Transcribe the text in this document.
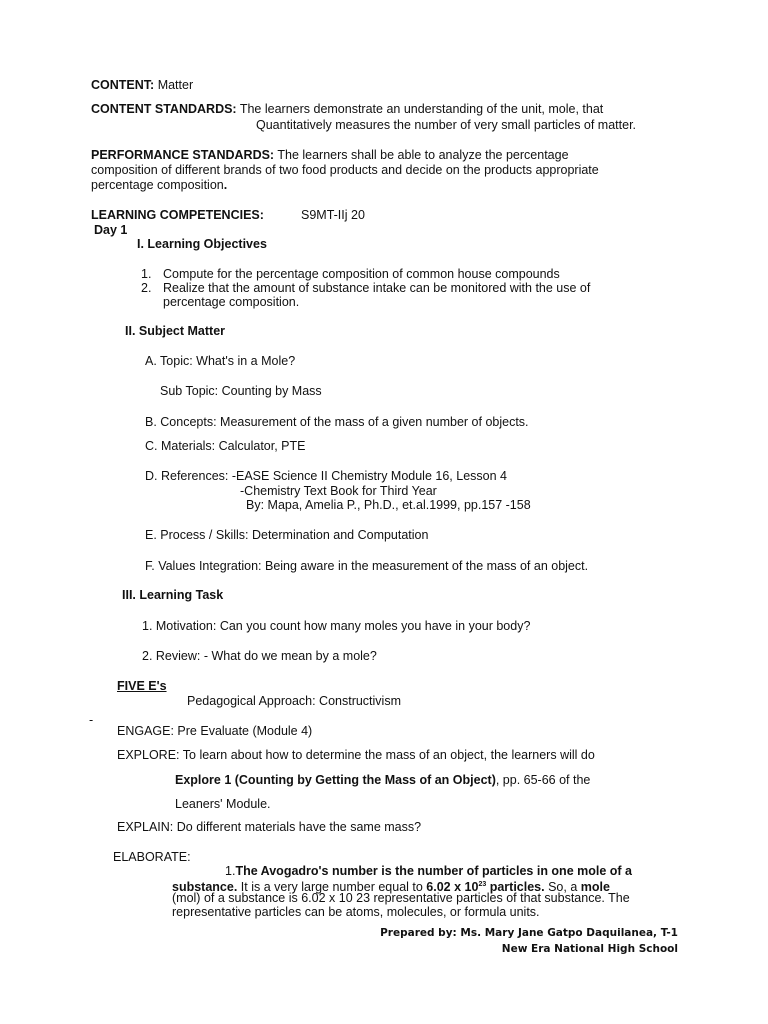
CONTENT: Matter
CONTENT STANDARDS: The learners demonstrate an understanding of the unit, mole, that
Quantitatively measures the number of very small particles of matter.
PERFORMANCE STANDARDS: The learners shall be able to analyze the percentage
composition of different brands of two food products and decide on the products appropriate
percentage composition.
LEARNING COMPETENCIES:	S9MT-IIj 20
Day 1
I. Learning Objectives
1. Compute for the percentage composition of common house compounds
2. Realize that the amount of substance intake can be monitored with the use of
percentage composition.
II. Subject Matter
A. Topic: What's in a Mole?
Sub Topic: Counting by Mass
B. Concepts: Measurement of the mass of a given number of objects.
C. Materials: Calculator, PTE
D. References: -EASE Science II Chemistry Module 16, Lesson 4
-Chemistry Text Book for Third Year
By: Mapa, Amelia P., Ph.D., et.al.1999, pp.157 -158
E. Process / Skills: Determination and Computation
F. Values Integration: Being aware in the measurement of the mass of an object.
III. Learning Task
1. Motivation: Can you count how many moles you have in your body?
2. Review: - What do we mean by a mole?
FIVE E's
Pedagogical Approach: Constructivism
-
ENGAGE: Pre Evaluate (Module 4)
EXPLORE: To learn about how to determine the mass of an object, the learners will do
Explore 1 (Counting by Getting the Mass of an Object), pp. 65-66 of the
Leaners' Module.
EXPLAIN: Do different materials have the same mass?
ELABORATE:
1.The Avogadro's number is the number of particles in one mole of a
substance. It is a very large number equal to 6.02 x $10^{23}$ particles. So, a mole
(mol) of a substance is 6.02 x 10 23 representative particles of that substance. The
representative particles can be atoms, molecules, or formula units.
Prepared by: Ms. Mary Jane Gatpo Daquilanea, T-1
New Era National High School
